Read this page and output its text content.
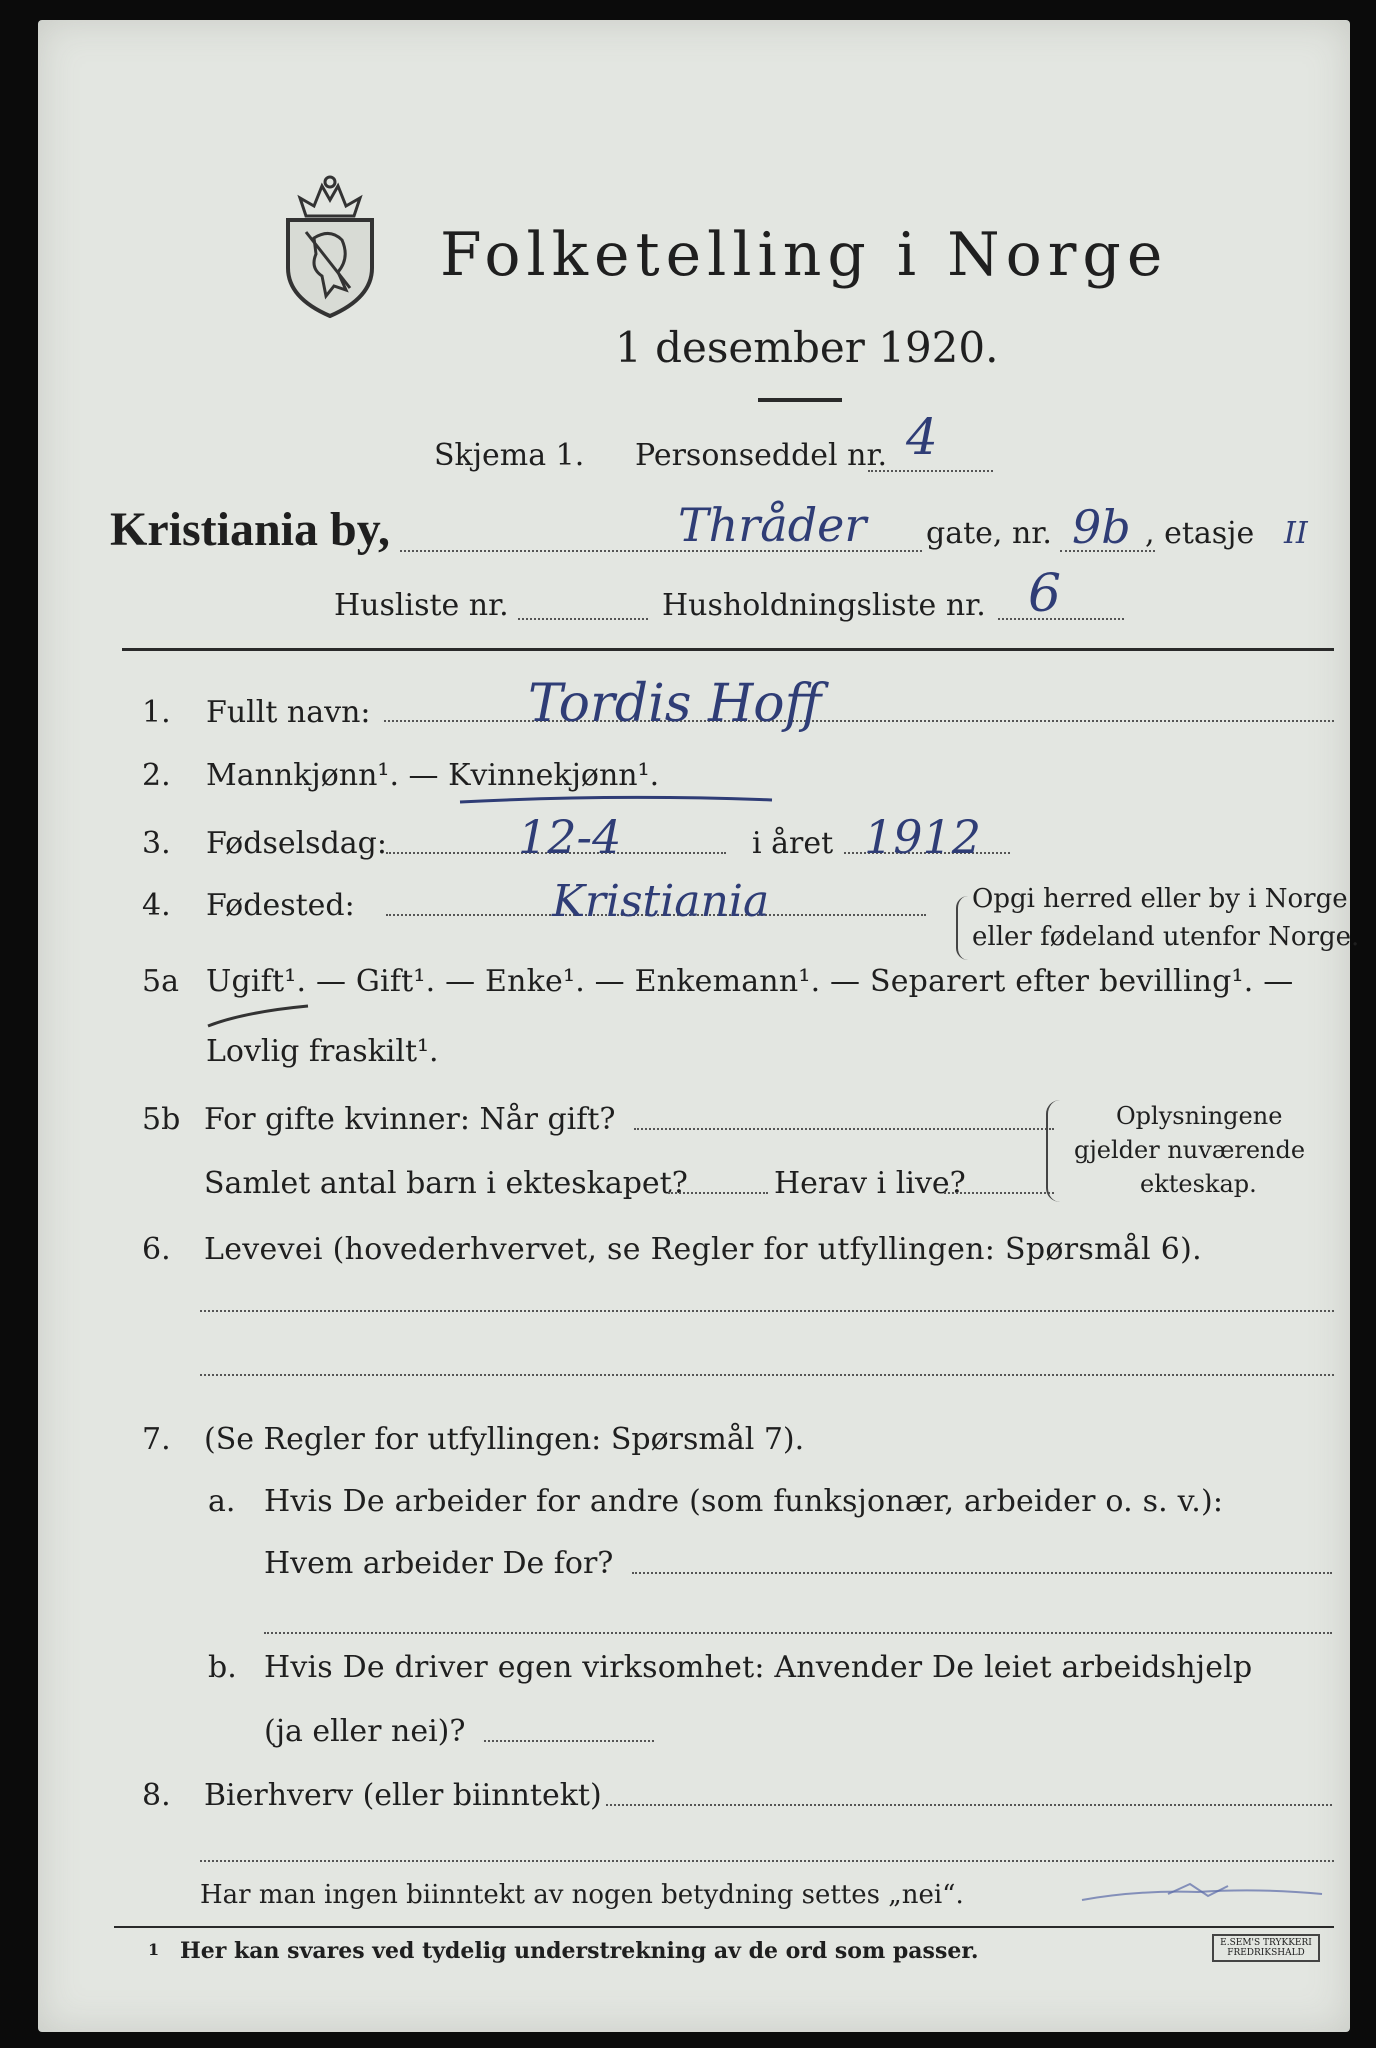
Folketelling i Norge
1 desember 1920.
Skjema 1. Personseddel nr. 4
Kristiania by,	Thråder gate, nr. 9b , etasje II
Husliste nr.	Husholdningsliste nr. 6
1. Fullt navn:	Tordis Hoff
2. Mannkjønn¹. — Kvinnekjønn¹.
3. Fødselsdag:	12-4	i året 1912
4. Fødested:	Kristiania	Opgi herred eller by i Norge
eller fødeland utenfor Norge.
5a Ugift¹. — Gift¹. — Enke¹. — Enkemann¹. — Separert efter bevilling¹. —
Lovlig fraskilt¹.
5b For gifte kvinner: Når gift?
Samlet antal barn i ekteskapet?	Herav i live?
Oplysningene
gjelder nuværende
ekteskap.
6. Levevei (hovederhvervet, se Regler for utfyllingen: Spørsmål 6).
7. (Se Regler for utfyllingen: Spørsmål 7).
a. Hvis De arbeider for andre (som funksjonær, arbeider o. s. v.):
Hvem arbeider De for?
b. Hvis De driver egen virksomhet: Anvender De leiet arbeidshjelp
(ja eller nei)?
8. Bierhverv (eller biinntekt)
Har man ingen biinntekt av nogen betydning settes „nei“.
1 Her kan svares ved tydelig understrekning av de ord som passer.	E.SEM'S TRYKKERI
FREDRIKSHALD
